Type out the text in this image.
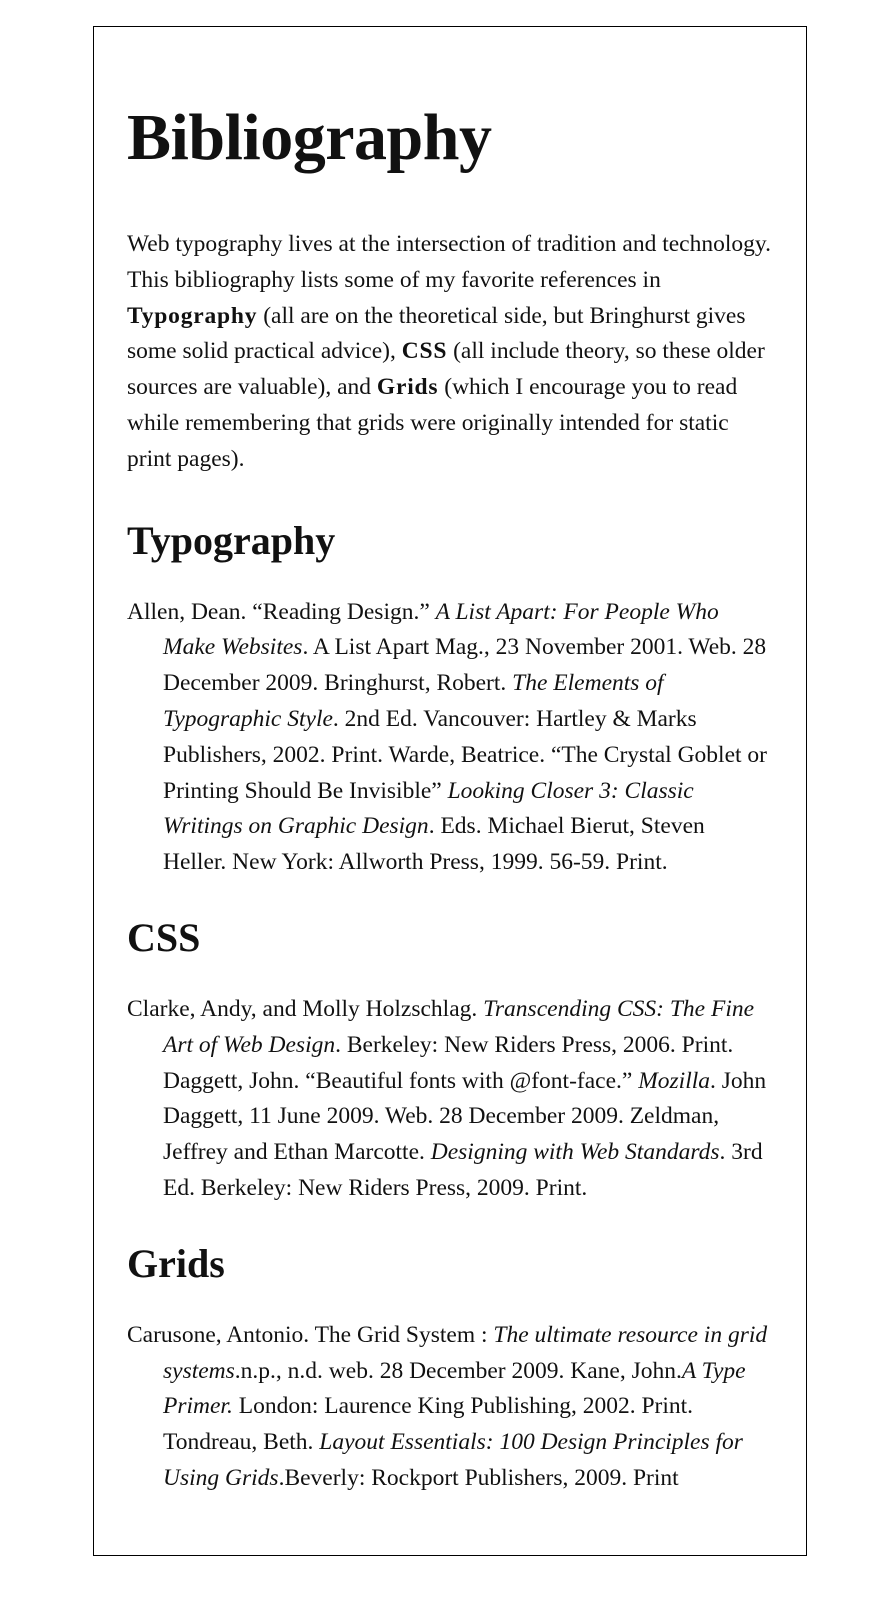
Bibliography

Web typography lives at the intersection of tradition and technology. This bibliography lists some of my favorite references in Typography (all are on the theoretical side, but Bringhurst gives some solid practical advice), CSS (all include theory, so these older sources are valuable), and Grids (which I encourage you to read while remembering that grids were originally intended for static print pages).

Typography

Allen, Dean. “Reading Design.” A List Apart: For People Who Make Websites. A List Apart Mag., 23 November 2001. Web. 28 December 2009. Bringhurst, Robert. The Elements of Typographic Style. 2nd Ed. Vancouver: Hartley & Marks Publishers, 2002. Print. Warde, Beatrice. “The Crystal Goblet or Printing Should Be Invisible” Looking Closer 3: Classic Writings on Graphic Design. Eds. Michael Bierut, Steven Heller. New York: Allworth Press, 1999. 56-59. Print.

CSS

Clarke, Andy, and Molly Holzschlag. Transcending CSS: The Fine Art of Web Design. Berkeley: New Riders Press, 2006. Print. Daggett, John. “Beautiful fonts with @font-face.” Mozilla. John Daggett, 11 June 2009. Web. 28 December 2009. Zeldman, Jeffrey and Ethan Marcotte. Designing with Web Standards. 3rd Ed. Berkeley: New Riders Press, 2009. Print.

Grids

Carusone, Antonio. The Grid System : The ultimate resource in grid systems.n.p., n.d. web. 28 December 2009. Kane, John.A Type Primer. London: Laurence King Publishing, 2002. Print. Tondreau, Beth. Layout Essentials: 100 Design Principles for Using Grids.Beverly: Rockport Publishers, 2009. Print
